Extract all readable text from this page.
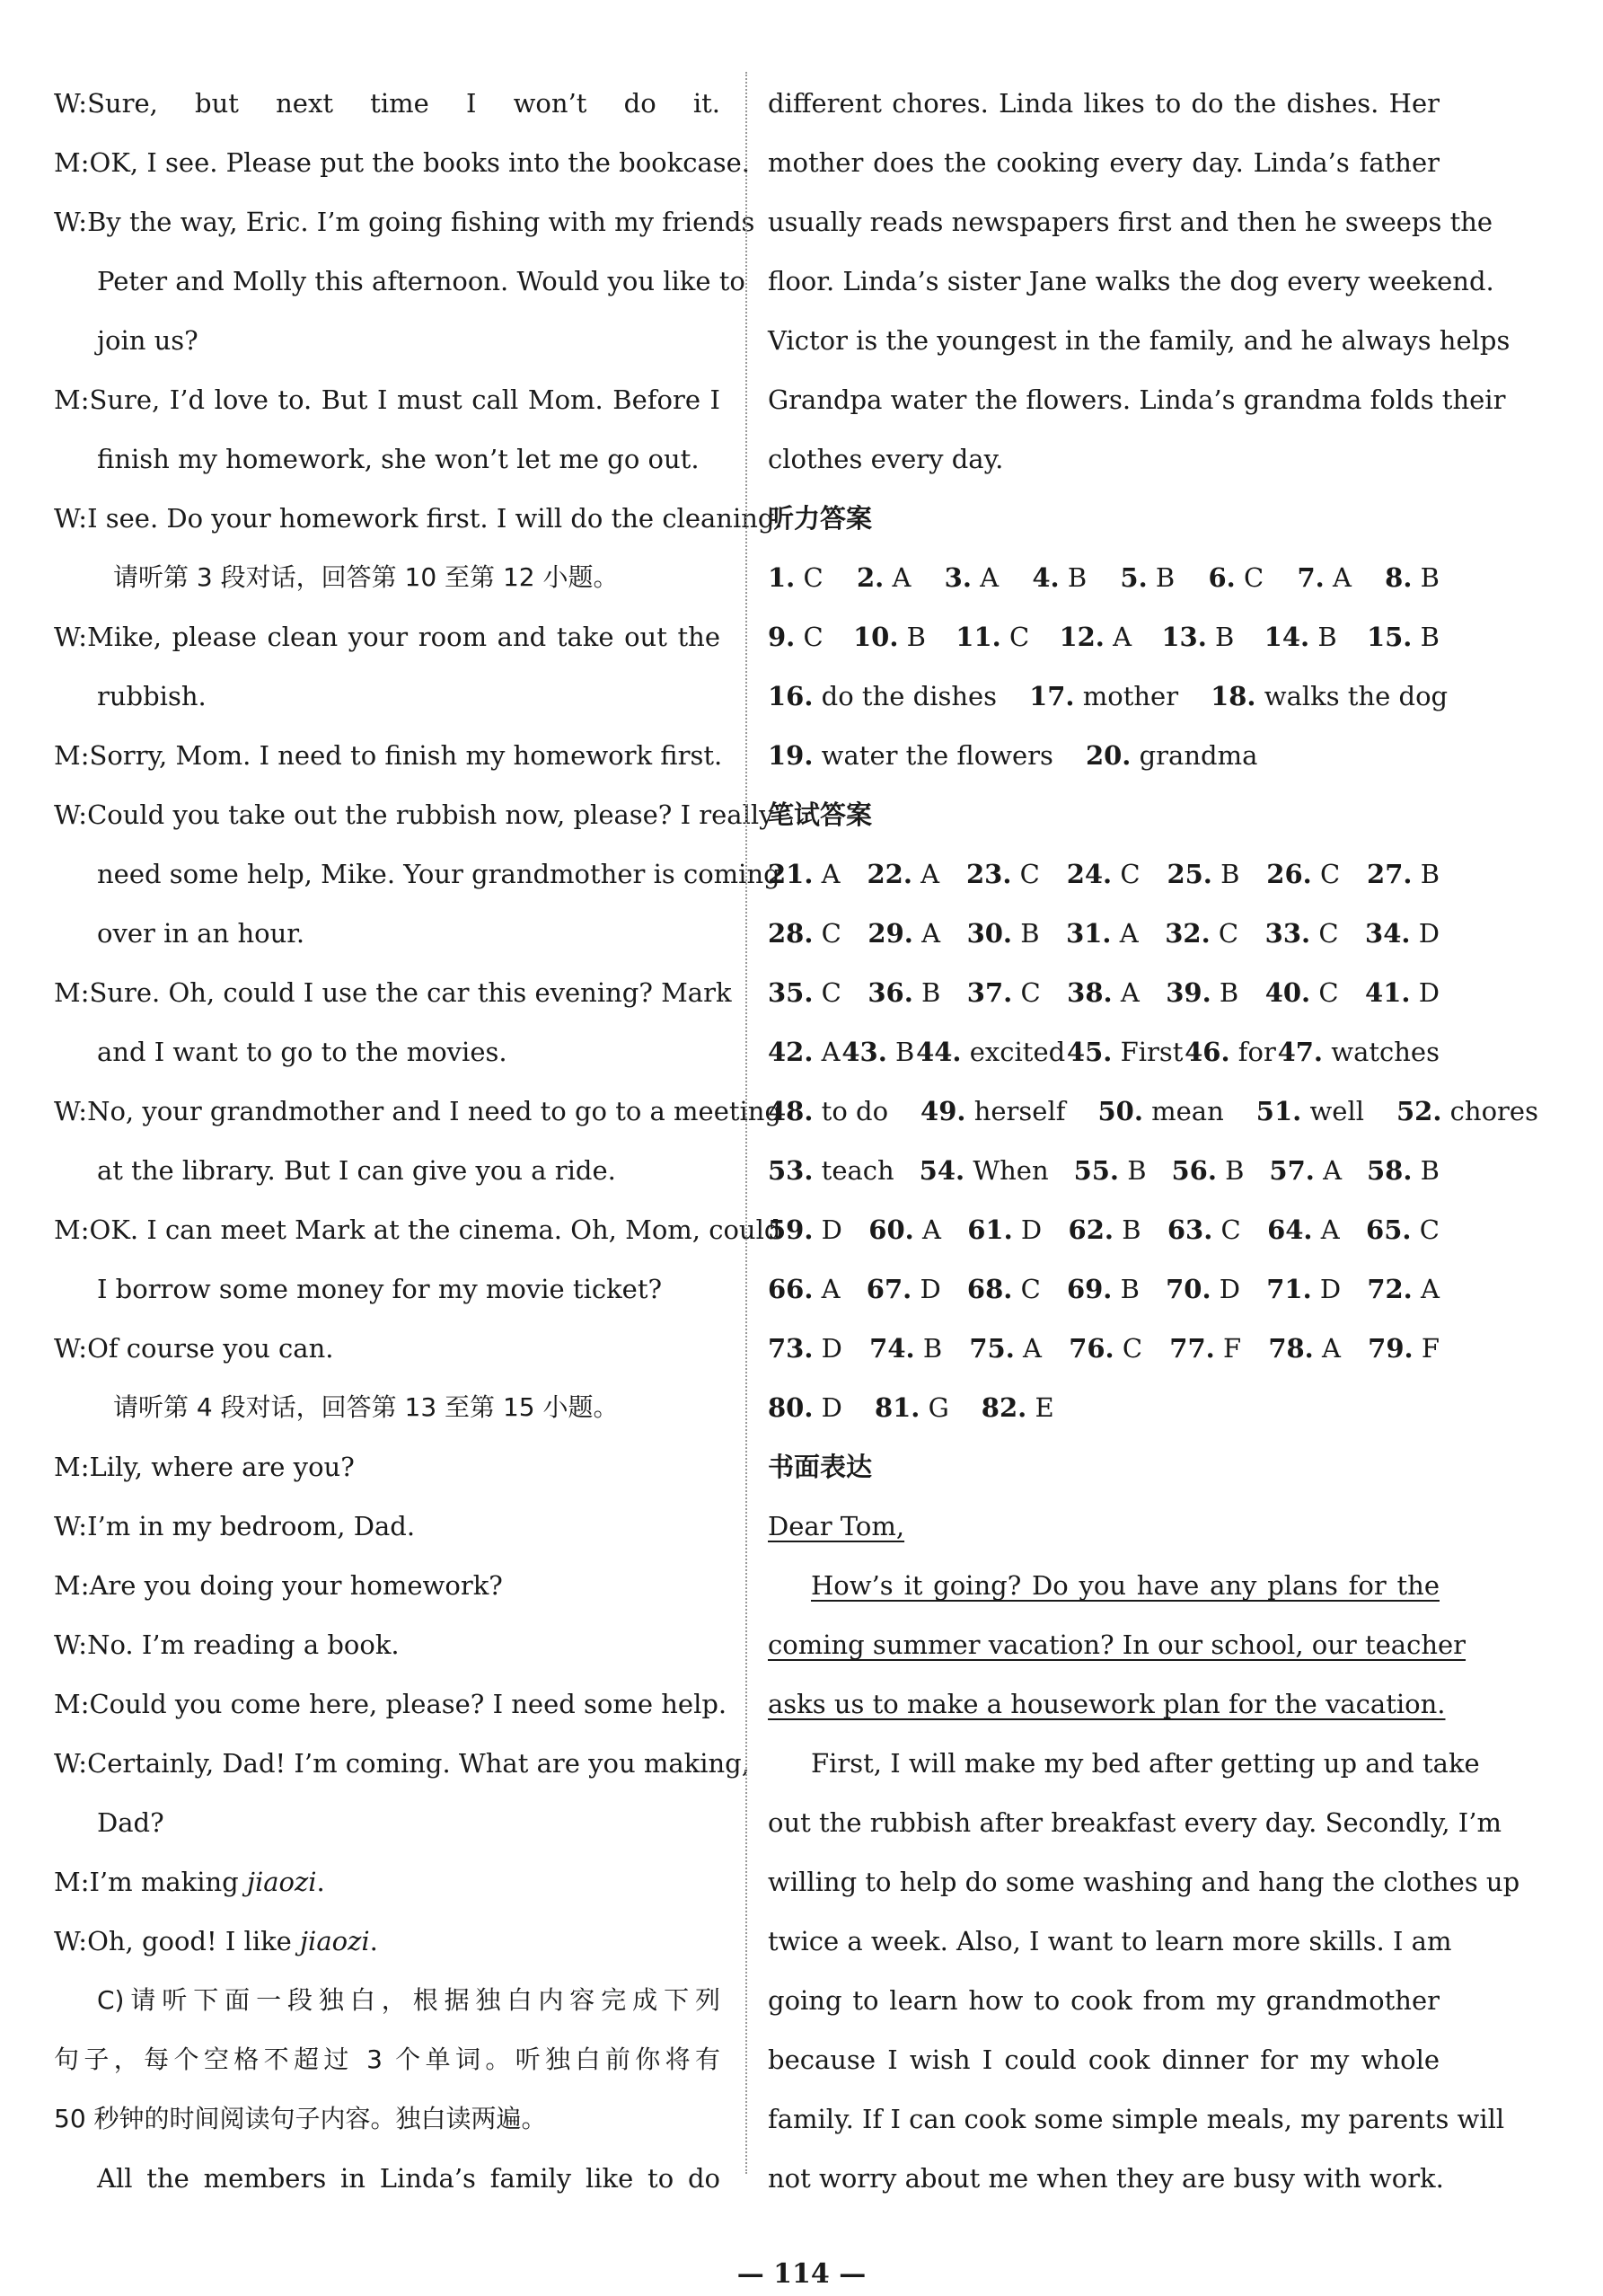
W:Sure, but next time I won’t do it.
M:OK, I see. Please put the books into the bookcase.
W:By the way, Eric. I’m going fishing with my friends
Peter and Molly this afternoon. Would you like to
join us?
M:Sure, I’d love to. But I must call Mom. Before I
finish my homework, she won’t let me go out.
W:I see. Do your homework first. I will do the cleaning.
请听第 3 段对话，回答第 10 至第 12 小题。
W:Mike, please clean your room and take out the
rubbish.
M:Sorry, Mom. I need to finish my homework first.
W:Could you take out the rubbish now, please? I really
need some help, Mike. Your grandmother is coming
over in an hour.
M:Sure. Oh, could I use the car this evening? Mark
and I want to go to the movies.
W:No, your grandmother and I need to go to a meeting
at the library. But I can give you a ride.
M:OK. I can meet Mark at the cinema. Oh, Mom, could
I borrow some money for my movie ticket?
W:Of course you can.
请听第 4 段对话，回答第 13 至第 15 小题。
M:Lily, where are you?
W:I’m in my bedroom, Dad.
M:Are you doing your homework?
W:No. I’m reading a book.
M:Could you come here, please? I need some help.
W:Certainly, Dad! I’m coming. What are you making,
Dad?
M:I’m making jiaozi.
W:Oh, good! I like jiaozi.
C)请听下面一段独白，根据独白内容完成下列
句子，每个空格不超过 3 个单词。听独白前你将有
50 秒钟的时间阅读句子内容。独白读两遍。
All the members in Linda’s family like to do
different chores. Linda likes to do the dishes. Her
mother does the cooking every day. Linda’s father
usually reads newspapers first and then he sweeps the
floor. Linda’s sister Jane walks the dog every weekend.
Victor is the youngest in the family, and he always helps
Grandpa water the flowers. Linda’s grandma folds their
clothes every day.
听力答案
1. C 2. A 3. A 4. B 5. B 6. C 7. A 8. B
9. C 10. B 11. C 12. A 13. B 14. B 15. B
16. do the dishes 17. mother 18. walks the dog
19. water the flowers 20. grandma
笔试答案
21. A 22. A 23. C 24. C 25. B 26. C 27. B
28. C 29. A 30. B 31. A 32. C 33. C 34. D
35. C 36. B 37. C 38. A 39. B 40. C 41. D
42. A 43. B 44. excited 45. First 46. for 47. watches
48. to do 49. herself 50. mean 51. well 52. chores
53. teach 54. When 55. B 56. B 57. A 58. B
59. D 60. A 61. D 62. B 63. C 64. A 65. C
66. A 67. D 68. C 69. B 70. D 71. D 72. A
73. D 74. B 75. A 76. C 77. F 78. A 79. F
80. D 81. G 82. E
书面表达
Dear Tom,
How’s it going? Do you have any plans for the
coming summer vacation? In our school, our teacher
asks us to make a housework plan for the vacation.
First, I will make my bed after getting up and take
out the rubbish after breakfast every day. Secondly, I’m
willing to help do some washing and hang the clothes up
twice a week. Also, I want to learn more skills. I am
going to learn how to cook from my grandmother
because I wish I could cook dinner for my whole
family. If I can cook some simple meals, my parents will
not worry about me when they are busy with work.
— 114 —
